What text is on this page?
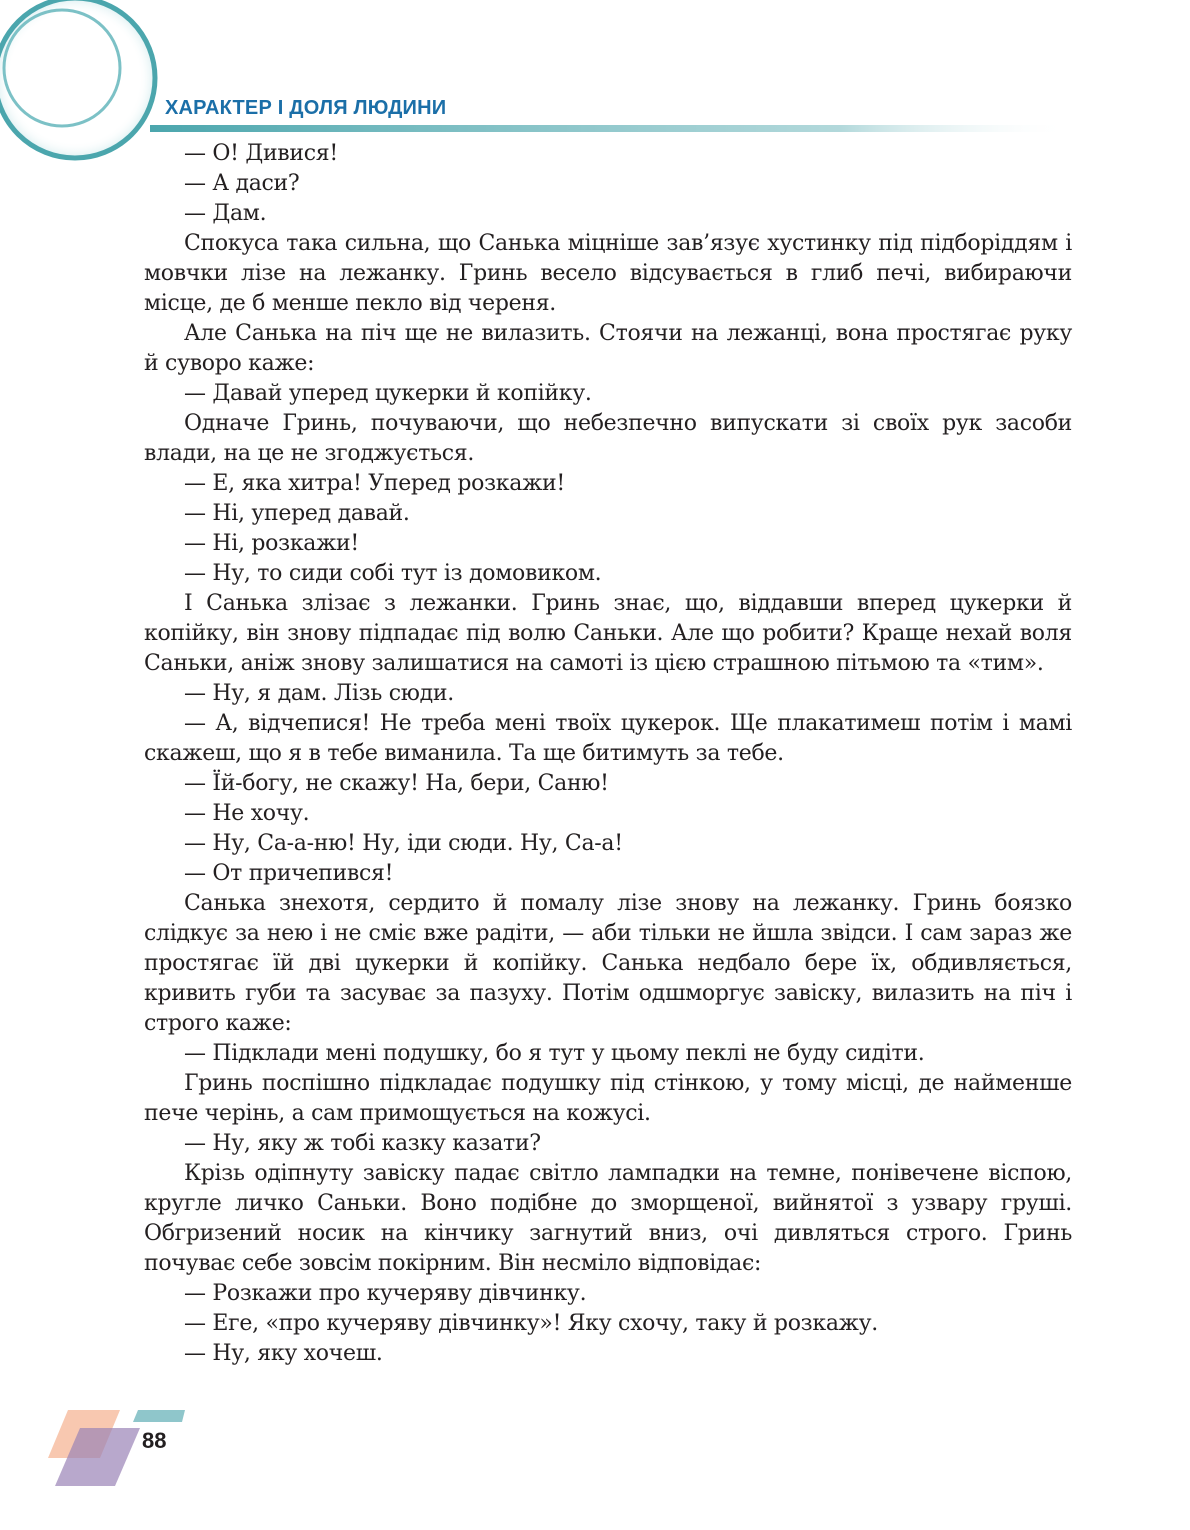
ХАРАКТЕР І ДОЛЯ ЛЮДИНИ

— О! Дивися!

— А даси?

— Дам.

Спокуса така сильна, що Санька міцніше зав’язує хустинку під підборіддям і мовчки лізе на лежанку. Гринь весело відсувається в глиб печі, вибираючи місце, де б менше пекло від черeня.

Але Санька на піч ще не вилазить. Стоячи на лежанці, вона простягає руку й суворо каже:

— Давай уперед цукерки й копійку.

Одначе Гринь, почуваючи, що небезпечно випускати зі своїх рук засоби влади, на це не згоджується.

— Е, яка хитра! Уперед розкажи!

— Ні, уперед давай.

— Ні, розкажи!

— Ну, то сиди собі тут із домовиком.

І Санька злізає з лежанки. Гринь знає, що, віддавши вперед цукерки й копійку, він знову підпадає під волю Саньки. Але що робити? Краще нехай воля Саньки, аніж знову залишатися на самоті із цією страшною пітьмою та «тим».

— Ну, я дам. Лізь сюди.

— А, відчепися! Не треба мені твоїх цукерок. Ще плакатимеш потім і мамі скажеш, що я в тебе виманила. Та ще битимуть за тебе.

— Їй-богу, не скажу! На, бери, Саню!

— Не хочу.

— Ну, Са-а-ню! Ну, іди сюди. Ну, Са-а!

— От причепився!

Санька знехотя, сердито й помалу лізе знову на лежанку. Гринь боязко слідкує за нею і не сміє вже радіти, — аби тільки не йшла звідси. І сам зараз же простягає їй дві цукерки й копійку. Санька недбало бере їх, обдивляється, кривить губи та засуває за пазуху. Потім одшморгує завіску, вилазить на піч і строго каже:

— Підклади мені подушку, бо я тут у цьому пеклі не буду сидіти.

Гринь поспішно підкладає подушку під стінкою, у тому місці, де найменше пече черінь, а сам примощується на кожусі.

— Ну, яку ж тобі казку казати?

Крізь одіпнуту завіску падає світло лампадки на темне, понівечене віспою, кругле личко Саньки. Воно подібне до зморщеної, вийнятої з узвару груші. Обгризений носик на кінчику загнутий вниз, очі дивляться строго. Гринь почуває себе зовсім покірним. Він несміло відповідає:

— Розкажи про кучеряву дівчинку.

— Еге, «про кучеряву дівчинку»! Яку схочу, таку й розкажу.

— Ну, яку хочеш.

88
